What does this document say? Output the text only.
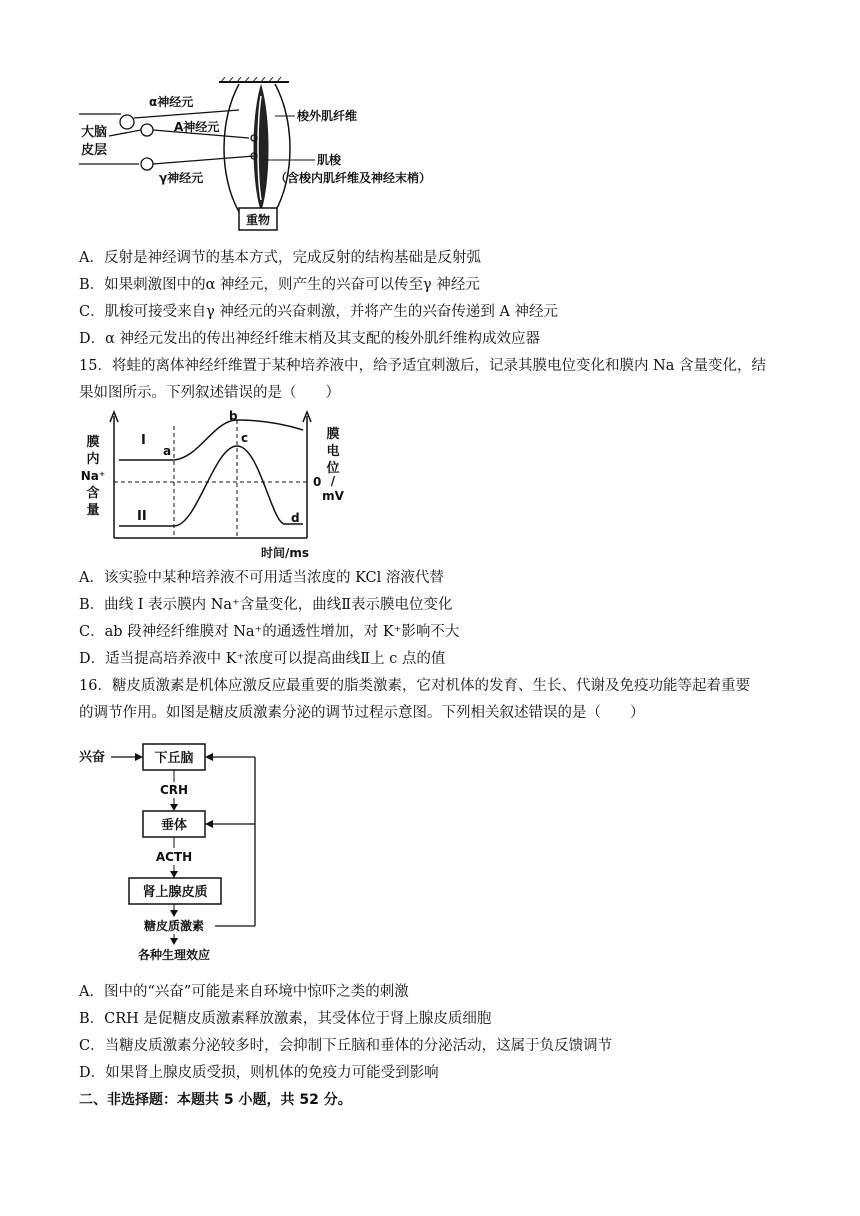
重物
α神经元
A神经元
大脑
皮层
γ神经元
梭外肌纤维
肌梭
（含梭内肌纤维及神经末梢）
A．反射是神经调节的基本方式，完成反射的结构基础是反射弧
B．如果刺激图中的α 神经元，则产生的兴奋可以传至γ 神经元
C．肌梭可接受来自γ 神经元的兴奋刺激，并将产生的兴奋传递到 A 神经元
D．α 神经元发出的传出神经纤维末梢及其支配的梭外肌纤维构成效应器
15．将蛙的离体神经纤维置于某种培养液中，给予适宜刺激后，记录其膜电位变化和膜内 Na 含量变化，结
果如图所示。下列叙述错误的是（　　）
I
II
a
b
c
d
膜
内
Na⁺
含
量
膜
电
位
/
mV
0
时间/ms
A．该实验中某种培养液不可用适当浓度的 KCl 溶液代替
B．曲线 I 表示膜内 Na⁺含量变化，曲线Ⅱ表示膜电位变化
C．ab 段神经纤维膜对 Na⁺的通透性增加，对 K⁺影响不大
D．适当提高培养液中 K⁺浓度可以提高曲线Ⅱ上 c 点的值
16．糖皮质激素是机体应激反应最重要的脂类激素，它对机体的发育、生长、代谢及免疫功能等起着重要
的调节作用。如图是糖皮质激素分泌的调节过程示意图。下列相关叙述错误的是（　　）
兴奋	下丘脑
CRH
垂体
ACTH
肾上腺皮质
糖皮质激素
各种生理效应
A．图中的“兴奋”可能是来自环境中惊吓之类的刺激
B．CRH 是促糖皮质激素释放激素，其受体位于肾上腺皮质细胞
C．当糖皮质激素分泌较多时，会抑制下丘脑和垂体的分泌活动，这属于负反馈调节
D．如果肾上腺皮质受损，则机体的免疫力可能受到影响
二、非选择题：本题共 5 小题，共 52 分。
